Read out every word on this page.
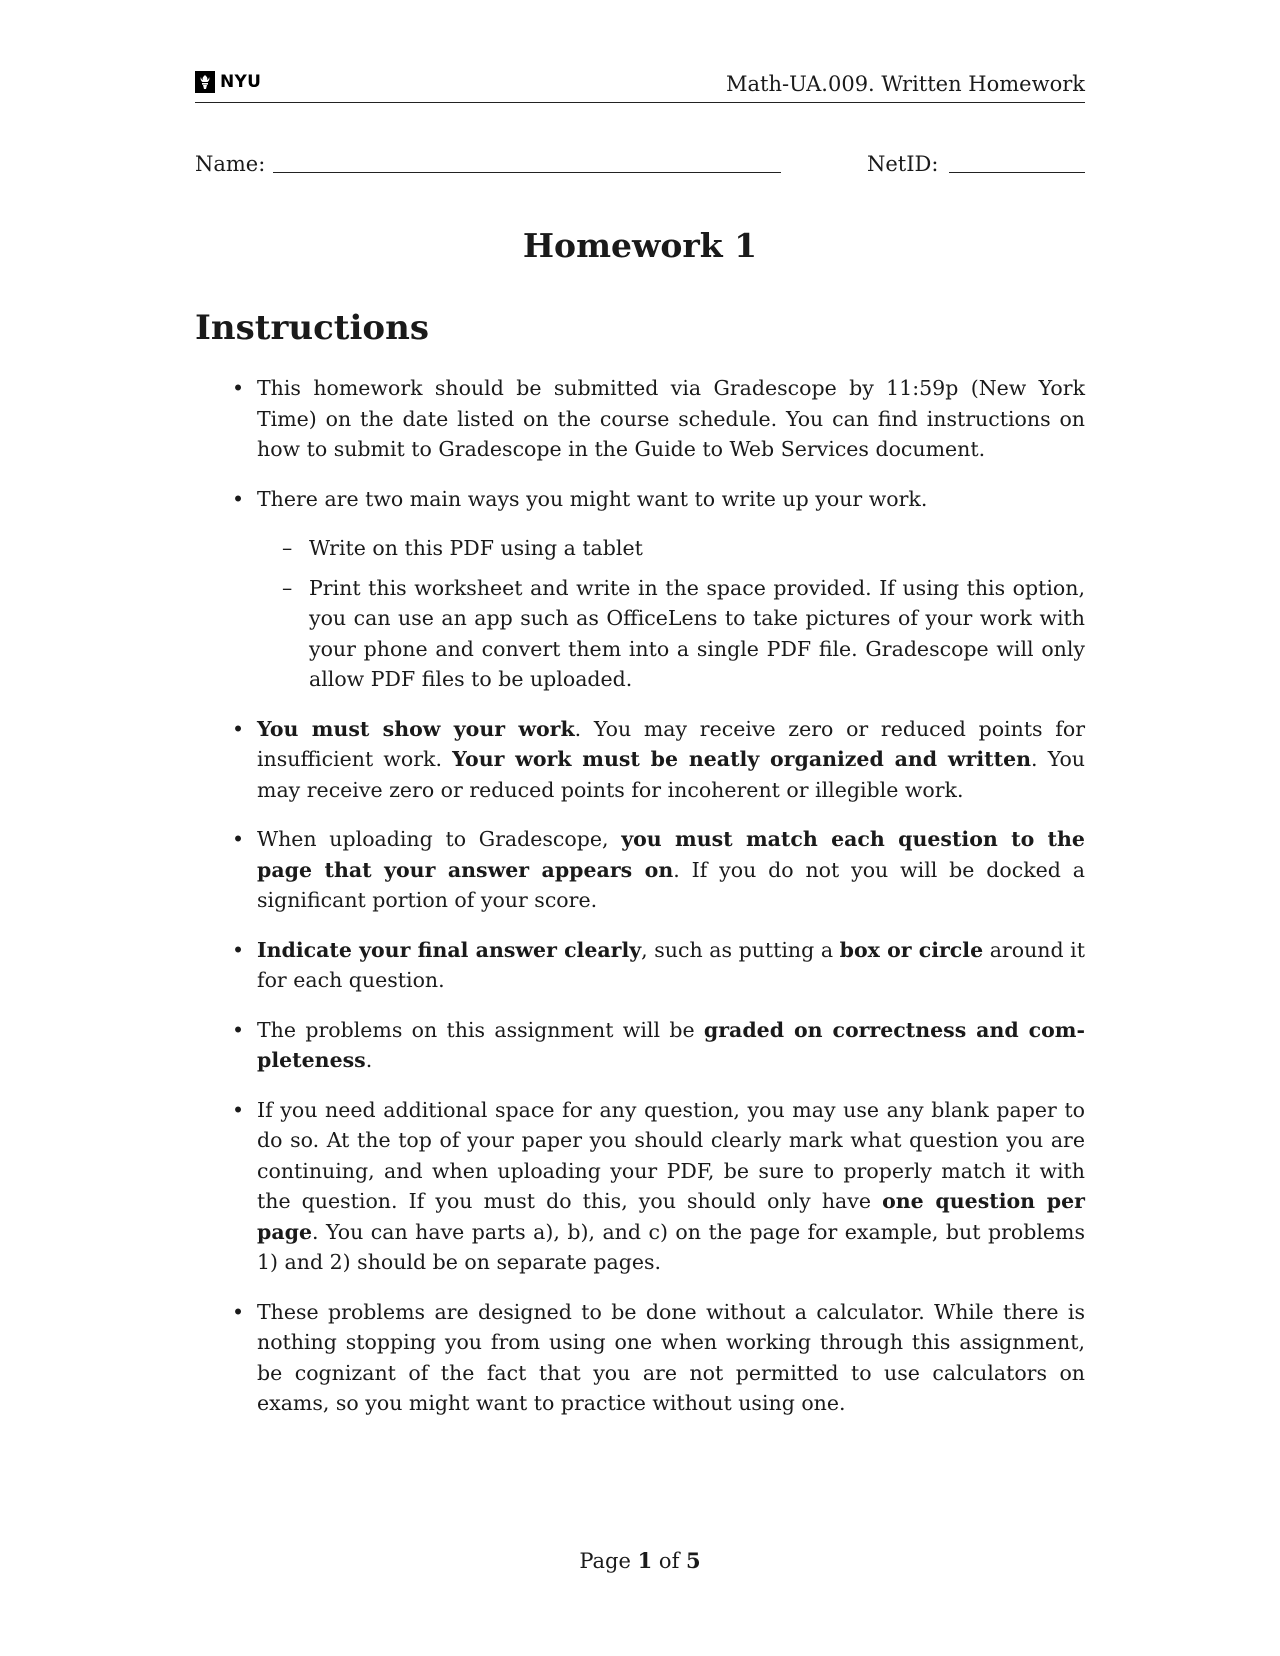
NYU	Math-UA.009. Written Homework
Name:	NetID:
Homework 1
Instructions
• This homework should be submitted via Gradescope by 11:59p (New York Time) on the date listed on the course schedule. You can find instructions on how to submit to Gradescope in the Guide to Web Services document.
• There are two main ways you might want to write up your work.
– Write on this PDF using a tablet
– Print this worksheet and write in the space provided. If using this option, you can use an app such as OfficeLens to take pictures of your work with your phone and convert them into a single PDF file. Gradescope will only allow PDF files to be uploaded.
• You must show your work. You may receive zero or reduced points for insufficient work. Your work must be neatly organized and written. You may receive zero or reduced points for incoherent or illegible work.
• When uploading to Gradescope, you must match each question to the page that your answer appears on. If you do not you will be docked a significant portion of your score.
• Indicate your final answer clearly, such as putting a box or circle around it for each question.
• The problems on this assignment will be graded on correctness and completeness.
• If you need additional space for any question, you may use any blank paper to do so. At the top of your paper you should clearly mark what question you are continuing, and when uploading your PDF, be sure to properly match it with the question. If you must do this, you should only have one question per page. You can have parts a), b), and c) on the page for example, but problems 1) and 2) should be on separate pages.
• These problems are designed to be done without a calculator. While there is nothing stopping you from using one when working through this assignment, be cognizant of the fact that you are not permitted to use calculators on exams, so you might want to practice without using one.
Page 1 of 5
